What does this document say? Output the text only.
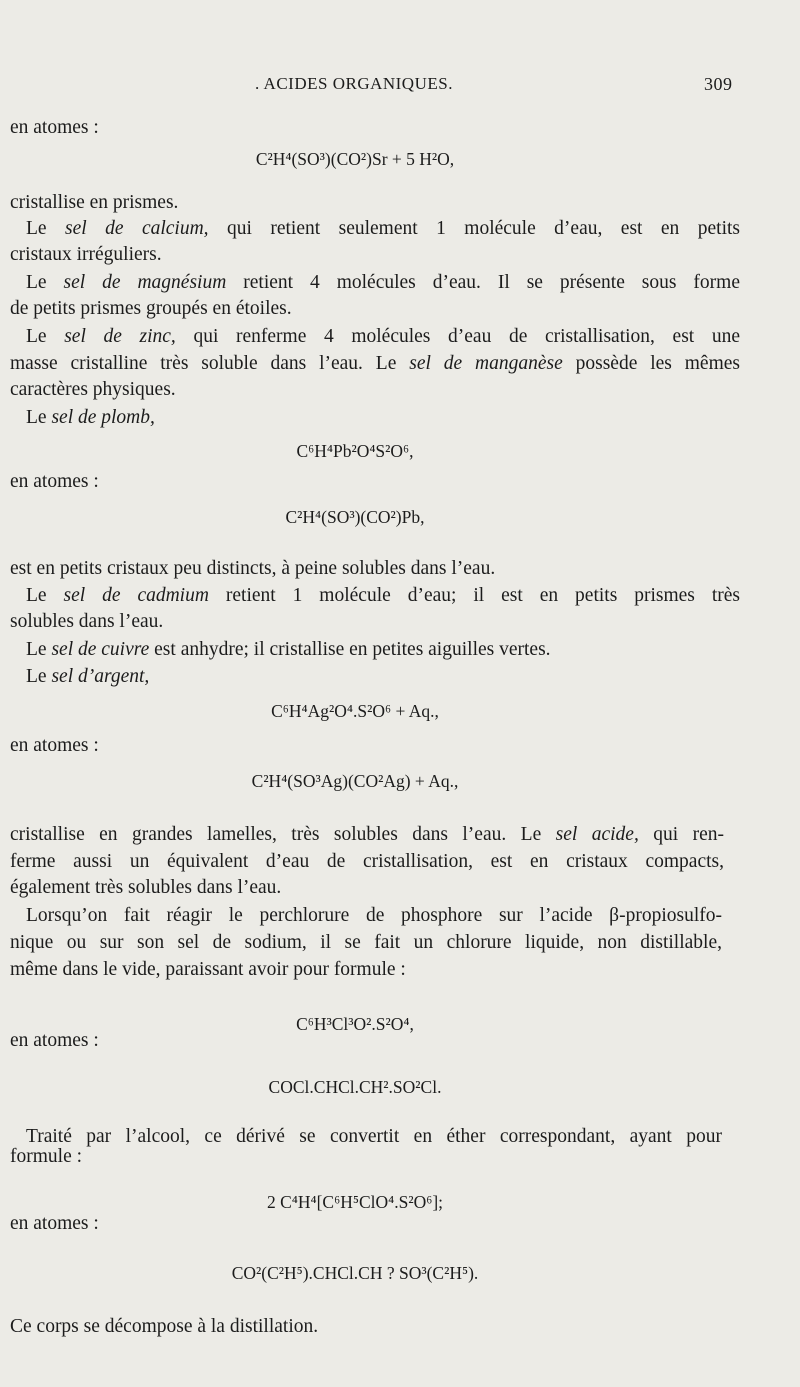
. ACIDES ORGANIQUES.	309
en atomes :
C²H⁴(SO³)(CO²)Sr + 5 H²O,
cristallise en prismes.
Le sel de calcium, qui retient seulement 1 molécule d’eau, est en petits
cristaux irréguliers.
Le sel de magnésium retient 4 molécules d’eau. Il se présente sous forme
de petits prismes groupés en étoiles.
Le sel de zinc, qui renferme 4 molécules d’eau de cristallisation, est une
masse cristalline très soluble dans l’eau. Le sel de manganèse possède les mêmes
caractères physiques.
Le sel de plomb,
C⁶H⁴Pb²O⁴S²O⁶,
en atomes :
C²H⁴(SO³)(CO²)Pb,
est en petits cristaux peu distincts, à peine solubles dans l’eau.
Le sel de cadmium retient 1 molécule d’eau; il est en petits prismes très
solubles dans l’eau.
Le sel de cuivre est anhydre; il cristallise en petites aiguilles vertes.
Le sel d’argent,
C⁶H⁴Ag²O⁴.S²O⁶ + Aq.,
en atomes :
C²H⁴(SO³Ag)(CO²Ag) + Aq.,
cristallise en grandes lamelles, très solubles dans l’eau. Le sel acide, qui ren-
ferme aussi un équivalent d’eau de cristallisation, est en cristaux compacts,
également très solubles dans l’eau.
Lorsqu’on fait réagir le perchlorure de phosphore sur l’acide β-propiosulfo-
nique ou sur son sel de sodium, il se fait un chlorure liquide, non distillable,
même dans le vide, paraissant avoir pour formule :
C⁶H³Cl³O².S²O⁴,
en atomes :
COCl.CHCl.CH².SO²Cl.
Traité par l’alcool, ce dérivé se convertit en éther correspondant, ayant pour
formule :
2 C⁴H⁴[C⁶H⁵ClO⁴.S²O⁶];
en atomes :
CO²(C²H⁵).CHCl.CH ? SO³(C²H⁵).
Ce corps se décompose à la distillation.
